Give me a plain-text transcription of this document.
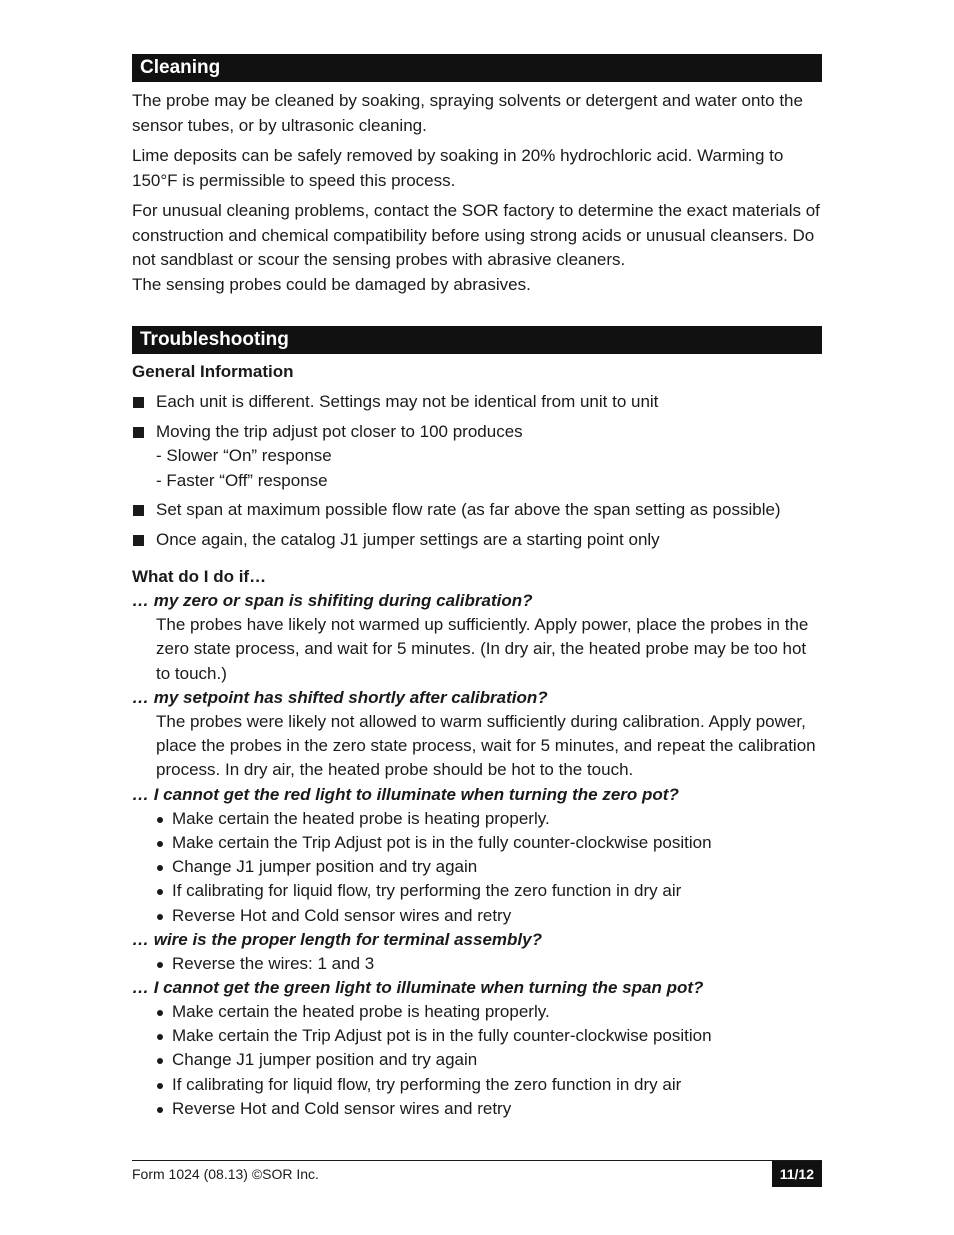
Cleaning

The probe may be cleaned by soaking, spraying solvents or detergent and water onto the sensor tubes, or by ultrasonic cleaning.

Lime deposits can be safely removed by soaking in 20% hydrochloric acid. Warming to 150°F is permissible to speed this process.

For unusual cleaning problems, contact the SOR factory to determine the exact materials of construction and chemical compatibility before using strong acids or unusual cleansers. Do not sandblast or scour the sensing probes with abrasive cleaners.
The sensing probes could be damaged by abrasives.

Troubleshooting
General Information
Each unit is different. Settings may not be identical from unit to unit
Moving the trip adjust pot closer to 100 produces
- Slower “On” response
- Faster “Off” response
Set span at maximum possible flow rate (as far above the span setting as possible)
Once again, the catalog J1 jumper settings are a starting point only
What do I do if…
… my zero or span is shifiting during calibration?
The probes have likely not warmed up sufficiently. Apply power, place the probes in the zero state process, and wait for 5 minutes. (In dry air, the heated probe may be too hot to touch.)
… my setpoint has shifted shortly after calibration?
The probes were likely not allowed to warm sufficiently during calibration. Apply power, place the probes in the zero state process, wait for 5 minutes, and repeat the calibration process. In dry air, the heated probe should be hot to the touch.
… I cannot get the red light to illuminate when turning the zero pot?
Make certain the heated probe is heating properly.
Make certain the Trip Adjust pot is in the fully counter-clockwise position
Change J1 jumper position and try again
If calibrating for liquid flow, try performing the zero function in dry air
Reverse Hot and Cold sensor wires and retry
… wire is the proper length for terminal assembly?
Reverse the wires: 1 and 3
… I cannot get the green light to illuminate when turning the span pot?
Make certain the heated probe is heating properly.
Make certain the Trip Adjust pot is in the fully counter-clockwise position
Change J1 jumper position and try again
If calibrating for liquid flow, try performing the zero function in dry air
Reverse Hot and Cold sensor wires and retry
Form 1024 (08.13) ©SOR Inc.	11/12
